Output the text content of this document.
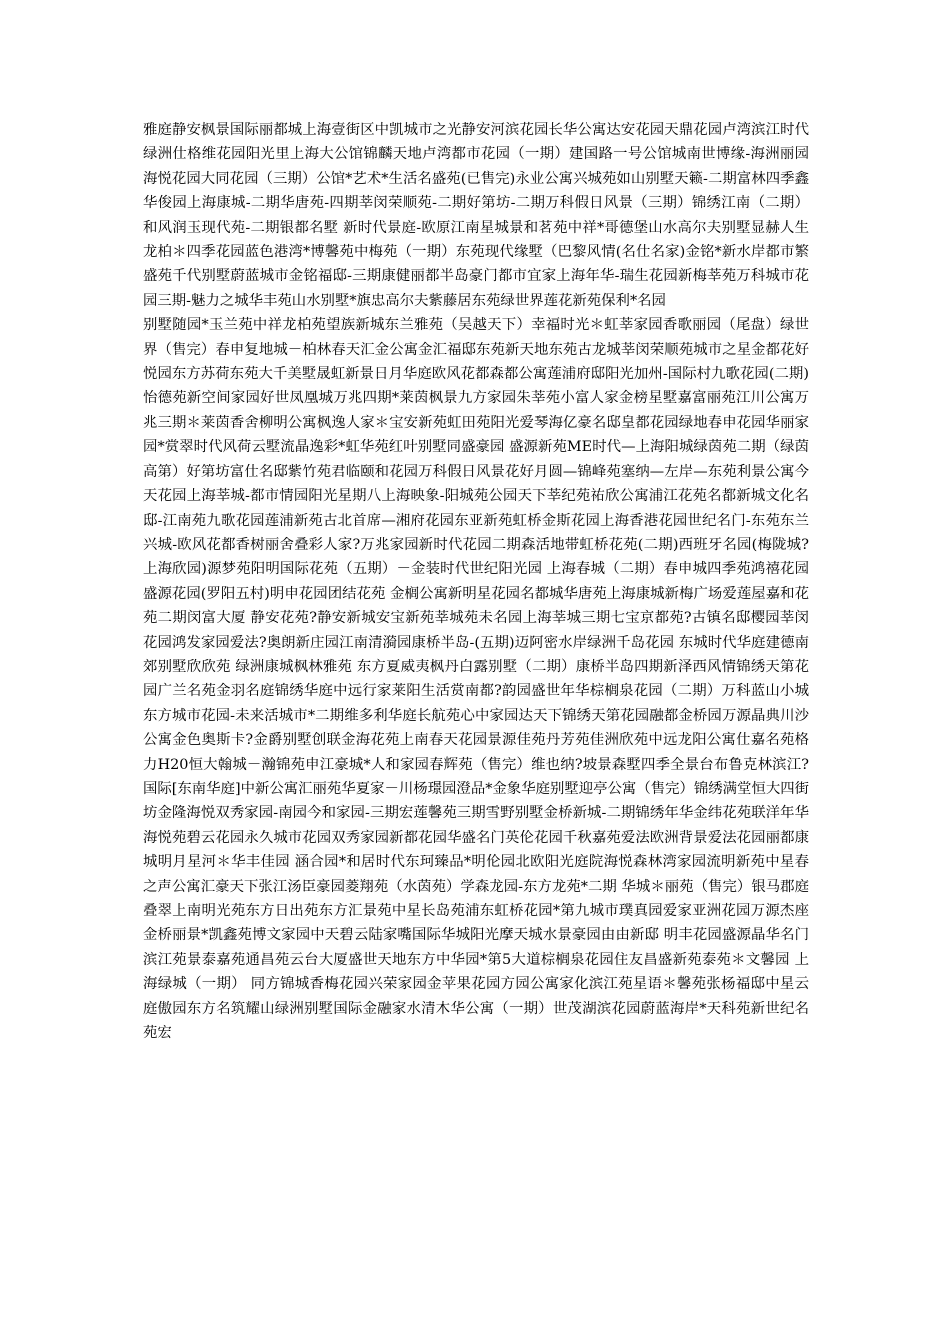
雅庭静安枫景国际丽都城上海壹街区中凯城市之光静安河滨花园长华公寓达安花园天鼎花园卢湾滨江时代绿洲仕格维花园阳光里上海大公馆锦麟天地卢湾都市花园（一期）建国路一号公馆城南世博缘-海洲丽园海悦花园大同花园（三期）公馆*艺术*生活名盛苑(已售完)永业公寓兴城苑如山别墅天籁-二期富林四季鑫华俊园上海康城-二期华唐苑-四期莘闵荣顺苑-二期好第坊-二期万科假日风景（三期）锦绣江南（二期）和风润玉现代苑-二期银都名墅 新时代景庭-欧原江南星城景和茗苑中祥*哥德堡山水高尔夫别墅显赫人生龙柏＊四季花园蓝色港湾*博馨苑中梅苑（一期）东苑现代缘墅（巴黎风情(名仕名家)金铭*新水岸都市繁盛苑千代别墅蔚蓝城市金铭福邸-三期康健丽都半岛豪门都市宜家上海年华-瑞生花园新梅莘苑万科城市花园三期-魅力之城华丰苑山水别墅*旗忠高尔夫紫藤居东苑绿世界莲花新苑保利*名园

别墅随园*玉兰苑中祥龙柏苑望族新城东兰雅苑（吴越天下）幸福时光＊虹莘家园香歌丽园（尾盘）绿世界（售完）春申复地城－柏林春天汇金公寓金汇福邸东苑新天地东苑古龙城莘闵荣顺苑城市之星金都花好悦园东方苏荷东苑大千美墅晟虹新景日月华庭欧风花都森都公寓莲浦府邸阳光加州-国际村九歌花园(二期)怡德苑新空间家园好世凤凰城万兆四期*莱茵枫景九方家园朱莘苑小富人家金榜星墅嘉富丽苑江川公寓万兆三期＊莱茵香舍柳明公寓枫逸人家＊宝安新苑虹田苑阳光爱琴海亿豪名邸皇都花园绿地春申花园华丽家园*赏翠时代风荷云墅流晶逸彩*虹华苑红叶别墅同盛豪园 盛源新苑ME时代—上海阳城绿茵苑二期（绿茵高第）好第坊富仕名邸紫竹苑君临颐和花园万科假日风景花好月圆—锦峰苑塞纳—左岸—东苑利景公寓今天花园上海莘城-都市情园阳光星期八上海映象-阳城苑公园天下莘纪苑祐欣公寓浦江花苑名都新城文化名邸-江南苑九歌花园莲浦新苑古北首席—湘府花园东亚新苑虹桥金斯花园上海香港花园世纪名门-东苑东兰兴城-欧风花都香树丽舍叠彩人家?万兆家园新时代花园二期森活地带虹桥花苑(二期)西班牙名园(梅陇城?上海欣园)源梦苑阳明国际花苑（五期）－金装时代世纪阳光园 上海春城（二期）春申城四季苑鸿禧花园盛源花园(罗阳五村)明申花园团结花苑 金榈公寓新明星花园名都城华唐苑上海康城新梅广场爱莲屋嘉和花苑二期闵富大厦 静安花苑?静安新城安宝新苑莘城苑未名园上海莘城三期七宝京都苑?古镇名邸樱园莘闵花园鸿发家园爱法?奥朗新庄园江南清漪园康桥半岛-(五期)迈阿密水岸绿洲千岛花园 东城时代华庭建德南郊别墅欣欣苑 绿洲康城枫林雅苑 东方夏威夷枫丹白露别墅（二期）康桥半岛四期新泽西风情锦绣天第花园广兰名苑金羽名庭锦绣华庭中远行家莱阳生活赏南都?韵园盛世年华棕榈泉花园（二期）万科蓝山小城东方城市花园-未来活城市*二期维多利华庭长航苑心中家园达天下锦绣天第花园融都金桥园万源晶典川沙公寓金色奥斯卡?金爵别墅创联金海花苑上南春天花园景源佳苑丹芳苑佳洲欣苑中远龙阳公寓仕嘉名苑格力H20恒大翰城－瀚锦苑申江豪城*人和家园春辉苑（售完）维也纳?坡景森墅四季全景台布鲁克林滨江?国际[东南华庭]中新公寓汇丽苑华夏家－川杨璟园澄品*金象华庭别墅迎亭公寓（售完）锦绣满堂恒大四街坊金隆海悦双秀家园-南园今和家园-三期宏莲馨苑三期雪野别墅金桥新城-二期锦绣年华金纬花苑联洋年华海悦苑碧云花园永久城市花园双秀家园新都花园华盛名门英伦花园千秋嘉苑爱法欧洲背景爱法花园丽都康城明月星河＊华丰佳园 涵合园*和居时代东珂臻品*明伦园北欧阳光庭院海悦森林湾家园流明新苑中星春之声公寓汇豪天下张江汤臣豪园菱翔苑（水茵苑）学森龙园-东方龙苑*二期 华城＊丽苑（售完）银马郡庭叠翠上南明光苑东方日出苑东方汇景苑中星长岛苑浦东虹桥花园*第九城市璞真园爱家亚洲花园万源杰座金桥丽景*凯鑫苑博文家园中天碧云陆家嘴国际华城阳光摩天城水景豪园由由新邸 明丰花园盛源晶华名门滨江苑景泰嘉苑通昌苑云台大厦盛世天地东方中华园*第5大道棕榈泉花园住友昌盛新苑泰苑＊文馨园 上海绿城（一期） 同方锦城香梅花园兴荣家园金苹果花园方园公寓家化滨江苑星语＊馨苑张杨福邸中星云庭傲园东方名筑耀山绿洲别墅国际金融家水清木华公寓（一期）世茂湖滨花园蔚蓝海岸*天科苑新世纪名苑宏
